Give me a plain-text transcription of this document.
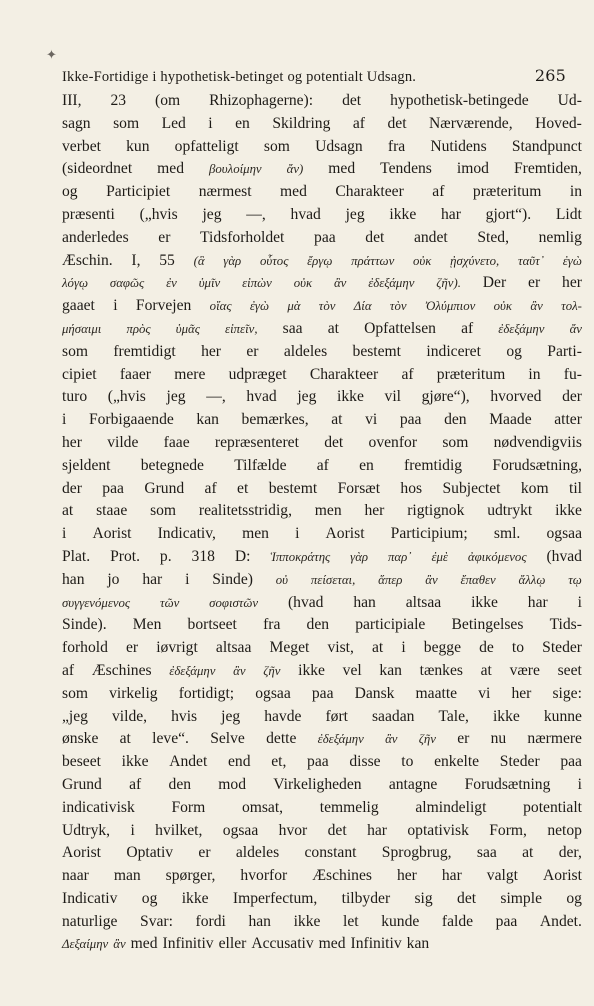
✦
Ikke-Fortidige i hypothetisk-betinget og potentialt Udsagn.	265
III, 23 (om Rhizophagerne): det hypothetisk-betingede Ud-
sagn som Led i en Skildring af det Nærværende, Hoved-
verbet kun opfatteligt som Udsagn fra Nutidens Standpunct
(sideordnet med βουλοίμην ἄν) med Tendens imod Fremtiden,
og Participiet nærmest med Charakteer af præteritum in
præsenti („hvis jeg —, hvad jeg ikke har gjort“). Lidt
anderledes er Tidsforholdet paa det andet Sted, nemlig
Æschin. I, 55 (ἃ γὰρ οὗτος ἔργῳ πράττων οὐκ ᾐσχύνετο, ταῦτ᾽ ἐγὼ
λόγῳ σαφῶς ἐν ὑμῖν εἰπὼν οὐκ ἂν ἐδεξάμην ζῆν). Der er her
gaaet i Forvejen οἵας ἐγὼ μὰ τὸν Δία τὸν Ὀλύμπιον οὐκ ἂν τολ-
μήσαιμι πρὸς ὑμᾶς εἰπεῖν, saa at Opfattelsen af ἐδεξάμην ἄν
som fremtidigt her er aldeles bestemt indiceret og Parti-
cipiet faaer mere udpræget Charakteer af præteritum in fu-
turo („hvis jeg —, hvad jeg ikke vil gjøre“), hvorved der
i Forbigaaende kan bemærkes, at vi paa den Maade atter
her vilde faae repræsenteret det ovenfor som nødvendigviis
sjeldent betegnede Tilfælde af en fremtidig Forudsætning,
der paa Grund af et bestemt Forsæt hos Subjectet kom til
at staae som realitetsstridig, men her rigtignok udtrykt ikke
i Aorist Indicativ, men i Aorist Participium; sml. ogsaa
Plat. Prot. p. 318 D: Ἱπποκράτης γὰρ παρ᾽ ἐμὲ ἀφικόμενος (hvad
han jo har i Sinde) οὐ πείσεται, ἅπερ ἂν ἔπαθεν ἄλλῳ τῳ
συγγενόμενος τῶν σοφιστῶν (hvad han altsaa ikke har i
Sinde). Men bortseet fra den participiale Betingelses Tids-
forhold er iøvrigt altsaa Meget vist, at i begge de to Steder
af Æschines ἐδεξάμην ἂν ζῆν ikke vel kan tænkes at være seet
som virkelig fortidigt; ogsaa paa Dansk maatte vi her sige:
„jeg vilde, hvis jeg havde ført saadan Tale, ikke kunne
ønske at leve“. Selve dette ἐδεξάμην ἂν ζῆν er nu nærmere
beseet ikke Andet end et, paa disse to enkelte Steder paa
Grund af den mod Virkeligheden antagne Forudsætning i
indicativisk Form omsat, temmelig almindeligt potentialt
Udtryk, i hvilket, ogsaa hvor det har optativisk Form, netop
Aorist Optativ er aldeles constant Sprogbrug, saa at der,
naar man spørger, hvorfor Æschines her har valgt Aorist
Indicativ og ikke Imperfectum, tilbyder sig det simple og
naturlige Svar: fordi han ikke let kunde falde paa Andet.
Δεξαίμην ἂν med Infinitiv eller Accusativ med Infinitiv kan
